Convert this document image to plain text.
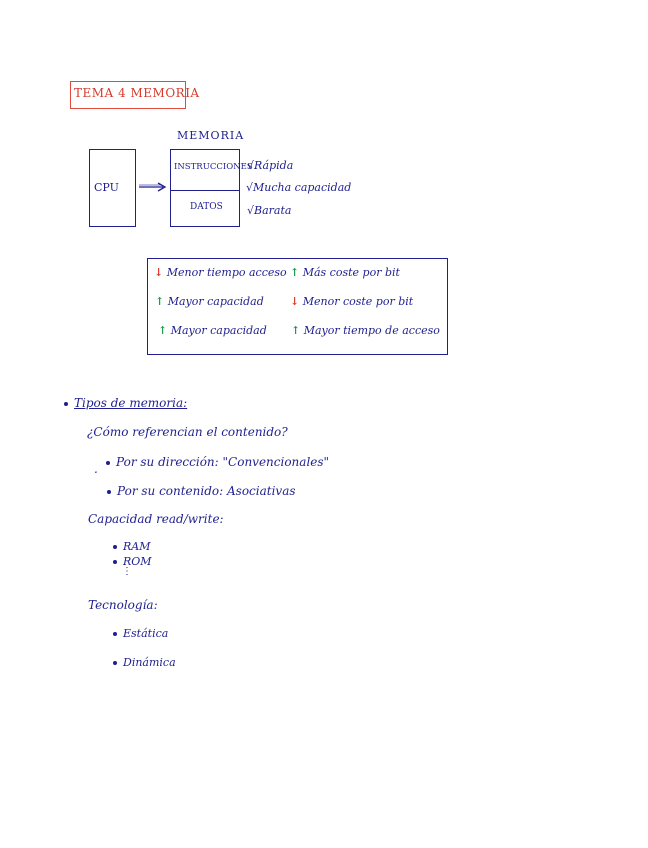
TEMA 4 MEMORIA
MEMORIA
CPU
INSTRUCCIONES
DATOS
√Rápida
√Mucha capacidad
√Barata
↓ Menor tiempo acceso ↑ Más coste por bit
↑ Mayor capacidad ↓ Menor coste por bit
↑ Mayor capacidad ↑ Mayor tiempo de acceso
Tipos de memoria:
¿Cómo referencian el contenido?
.	Por su dirección: "Convencionales"
Por su contenido: Asociativas
Capacidad read/write:
RAM
ROM
⋮
Tecnología:
Estática
Dinámica
